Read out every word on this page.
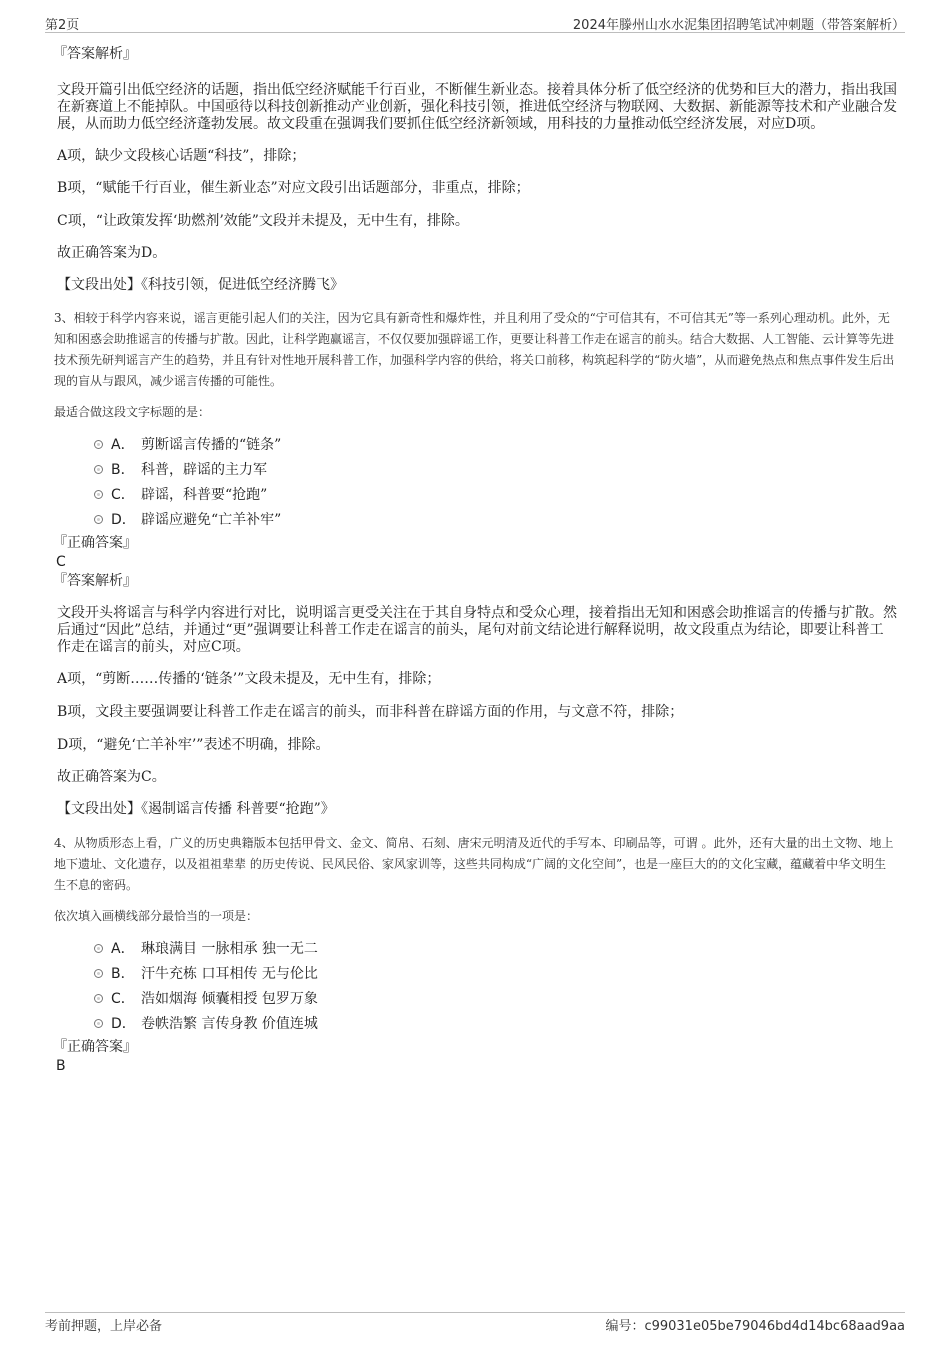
第2页	2024年滕州山水水泥集团招聘笔试冲刺题（带答案解析）

『答案解析』

文段开篇引出低空经济的话题，指出低空经济赋能千行百业，不断催生新业态。接着具体分析了低空经济的优势和巨大的潜力，指出我国在新赛道上不能掉队。中国亟待以科技创新推动产业创新，强化科技引领，推进低空经济与物联网、大数据、新能源等技术和产业融合发展，从而助力低空经济蓬勃发展。故文段重在强调我们要抓住低空经济新领域，用科技的力量推动低空经济发展，对应D项。

A项，缺少文段核心话题“科技”，排除；

B项，“赋能千行百业，催生新业态”对应文段引出话题部分，非重点，排除；

C项，“让政策发挥‘助燃剂’效能”文段并未提及，无中生有，排除。

故正确答案为D。

【文段出处】《科技引领，促进低空经济腾飞》

3、相较于科学内容来说，谣言更能引起人们的关注，因为它具有新奇性和爆炸性，并且利用了受众的“宁可信其有，不可信其无”等一系列心理动机。此外，无知和困惑会助推谣言的传播与扩散。因此，让科学跑赢谣言，不仅仅要加强辟谣工作，更要让科普工作走在谣言的前头。结合大数据、人工智能、云计算等先进技术预先研判谣言产生的趋势，并且有针对性地开展科普工作，加强科学内容的供给，将关口前移，构筑起科学的“防火墙”，从而避免热点和焦点事件发生后出现的盲从与跟风，减少谣言传播的可能性。

最适合做这段文字标题的是：

A． 剪断谣言传播的“链条”
B． 科普，辟谣的主力军
C． 辟谣，科普要“抢跑”
D． 辟谣应避免“亡羊补牢”

『正确答案』

C

『答案解析』

文段开头将谣言与科学内容进行对比，说明谣言更受关注在于其自身特点和受众心理，接着指出无知和困惑会助推谣言的传播与扩散。然后通过“因此”总结，并通过“更”强调要让科普工作走在谣言的前头，尾句对前文结论进行解释说明，故文段重点为结论，即要让科普工作走在谣言的前头，对应C项。

A项，“剪断……传播的‘链条’”文段未提及，无中生有，排除；

B项，文段主要强调要让科普工作走在谣言的前头，而非科普在辟谣方面的作用，与文意不符，排除；

D项，“避免‘亡羊补牢’”表述不明确，排除。

故正确答案为C。

【文段出处】《遏制谣言传播 科普要“抢跑”》

4、从物质形态上看，广义的历史典籍版本包括甲骨文、金文、简帛、石刻、唐宋元明清及近代的手写本、印刷品等，可谓 。此外，还有大量的出土文物、地上地下遗址、文化遗存，以及祖祖辈辈 的历史传说、民风民俗、家风家训等，这些共同构成“广阔的文化空间”，也是一座巨大的的文化宝藏，蕴藏着中华文明生生不息的密码。

依次填入画横线部分最恰当的一项是：

A． 琳琅满目 一脉相承 独一无二
B． 汗牛充栋 口耳相传 无与伦比
C． 浩如烟海 倾囊相授 包罗万象
D． 卷帙浩繁 言传身教 价值连城

『正确答案』

B

考前押题，上岸必备	编号：c99031e05be79046bd4d14bc68aad9aa
